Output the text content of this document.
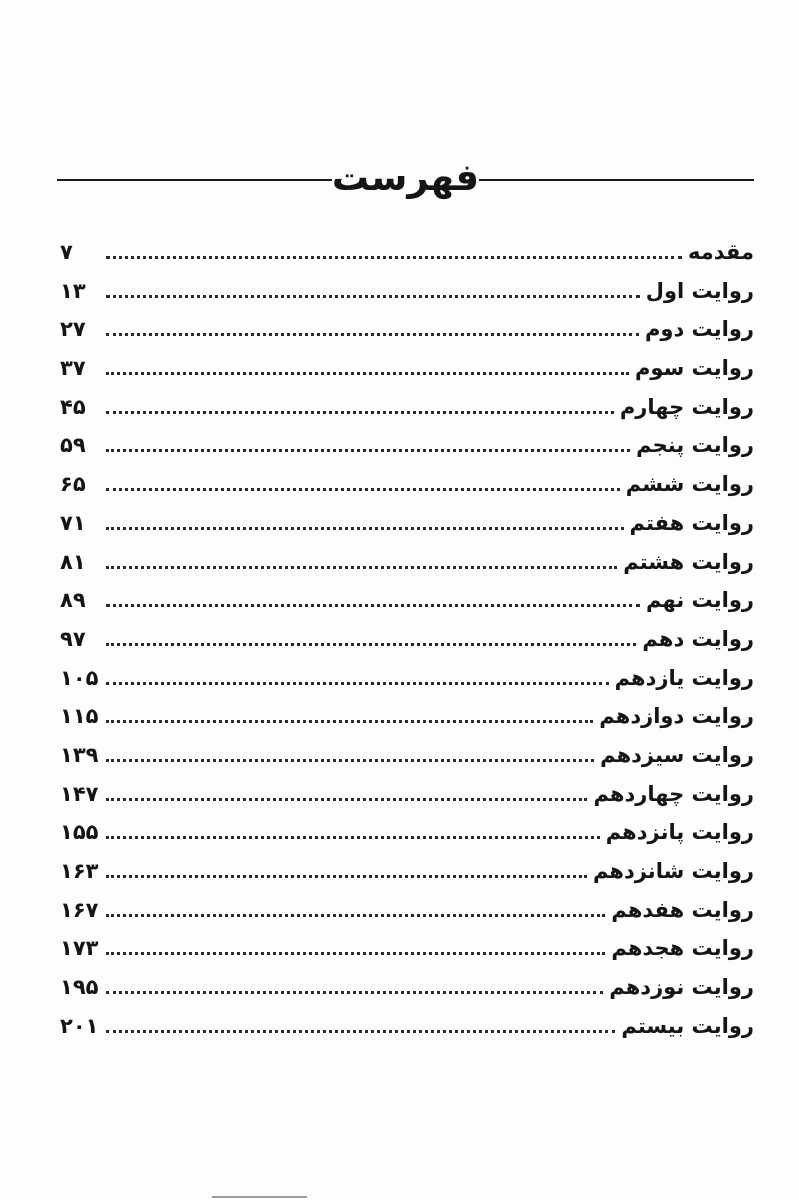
فهرست
مقدمه
۷
روایت اول
۱۳
روایت دوم
۲۷
روایت سوم
۳۷
روایت چهارم
۴۵
روایت پنجم
۵۹
روایت ششم
۶۵
روایت هفتم
۷۱
روایت هشتم
۸۱
روایت نهم
۸۹
روایت دهم
۹۷
روایت یازدهم
۱۰۵
روایت دوازدهم
۱۱۵
روایت سیزدهم
۱۳۹
روایت چهاردهم
۱۴۷
روایت پانزدهم
۱۵۵
روایت شانزدهم
۱۶۳
روایت هفدهم
۱۶۷
روایت هجدهم
۱۷۳
روایت نوزدهم
۱۹۵
روایت بیستم
۲۰۱
